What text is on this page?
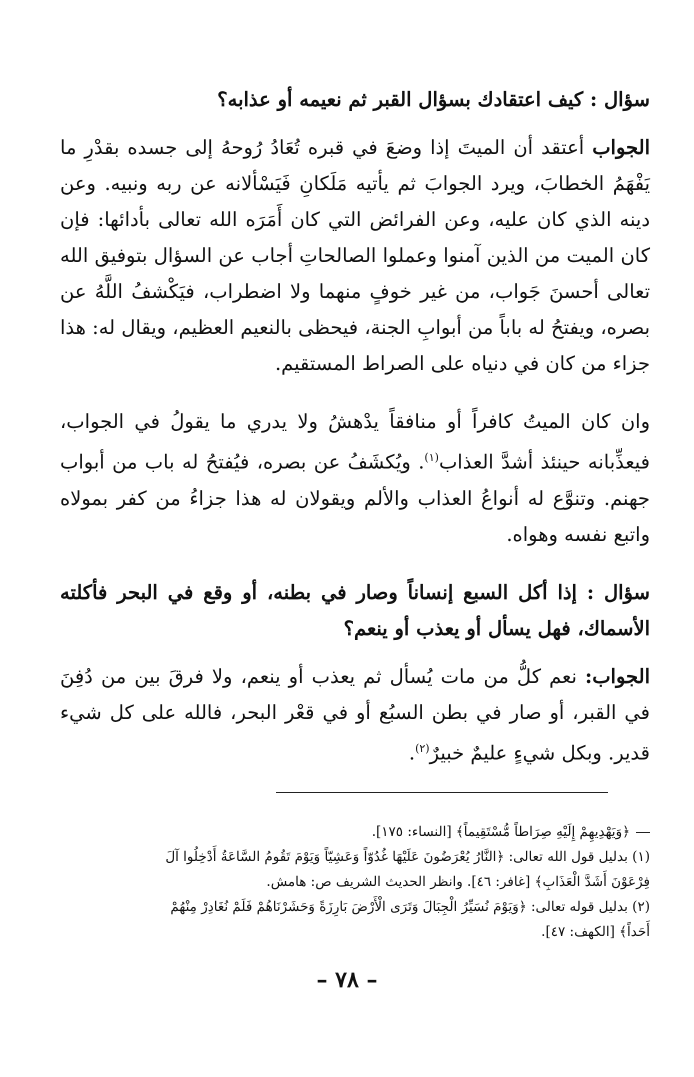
سؤال : كيف اعتقادك بسؤال القبر ثم نعيمه أو عذابه؟

الجواب أعتقد أن الميتَ إذا وضعَ في قبره تُعَادُ رُوحهُ إلى جسده بقدْرِ ما يَفْهَمُ الخطابَ، ويرد الجوابَ ثم يأتيه مَلَكانِ فَيَسْألانه عن ربه ونبيه. وعن دينه الذي كان عليه، وعن الفرائض التي كان أَمَرَه الله تعالى بأدائها: فإن كان الميت من الذين آمنوا وعملوا الصالحاتِ أجاب عن السؤال بتوفيق الله تعالى أحسنَ جَواب، من غير خوفٍ منهما ولا اضطراب، فيَكْشفُ اللَّهُ عن بصره، ويفتحُ له باباً من أبوابِ الجنة، فيحظى بالنعيم العظيم، ويقال له: هذا جزاء من كان في دنياه على الصراط المستقيم.

وان كان الميتُ كافراً أو منافقاً يدْهشُ ولا يدري ما يقولُ في الجواب، فيعذِّبانه حينئذ أشدَّ العذاب$^{(١)}$. ويُكشَفُ عن بصره، فيُفتحُ له باب من أبواب جهنم. وتنوَّع له أنواعُ العذاب والألم ويقولان له هذا جزاءُ من كفر بمولاه واتبع نفسه وهواه.

سؤال : إذا أكل السبع إنساناً وصار في بطنه، أو وقع في البحر فأكلته الأسماك، فهل يسأل أو يعذب أو ينعم؟

الجواب: نعم كلُّ من مات يُسأل ثم يعذب أو ينعم، ولا فرقَ بين من دُفِنَ في القبر، أو صار في بطن السبُع أو في قعْر البحر، فالله على كل شيء قدير. وبكل شيءٍ عليمٌ خبيرٌ$^{(٢)}$.

﴿وَيَهْدِيهِمْ إِلَيْهِ صِرَاطاً مُّسْتَقِيماً﴾ [النساء: ١٧٥].

(١) بدليل قول الله تعالى: ﴿النَّارُ يُعْرَضُونَ عَلَيْهَا غُدُوّاً وَعَشِيّاً وَيَوْمَ تَقُومُ السَّاعَةُ أَدْخِلُوا آلَ

فِرْعَوْنَ أَشَدَّ الْعَذَابِ﴾ [غافر: ٤٦]. وانظر الحديث الشريف ص: هامش.

(٢) بدليل قوله تعالى: ﴿وَيَوْمَ نُسَيِّرُ الْجِبَالَ وَتَرَى الْأَرْضَ بَارِزَةً وَحَشَرْنَاهُمْ فَلَمْ نُغَادِرْ مِنْهُمْ

أَحَداً﴾ [الكهف: ٤٧].

– ٧٨ –
